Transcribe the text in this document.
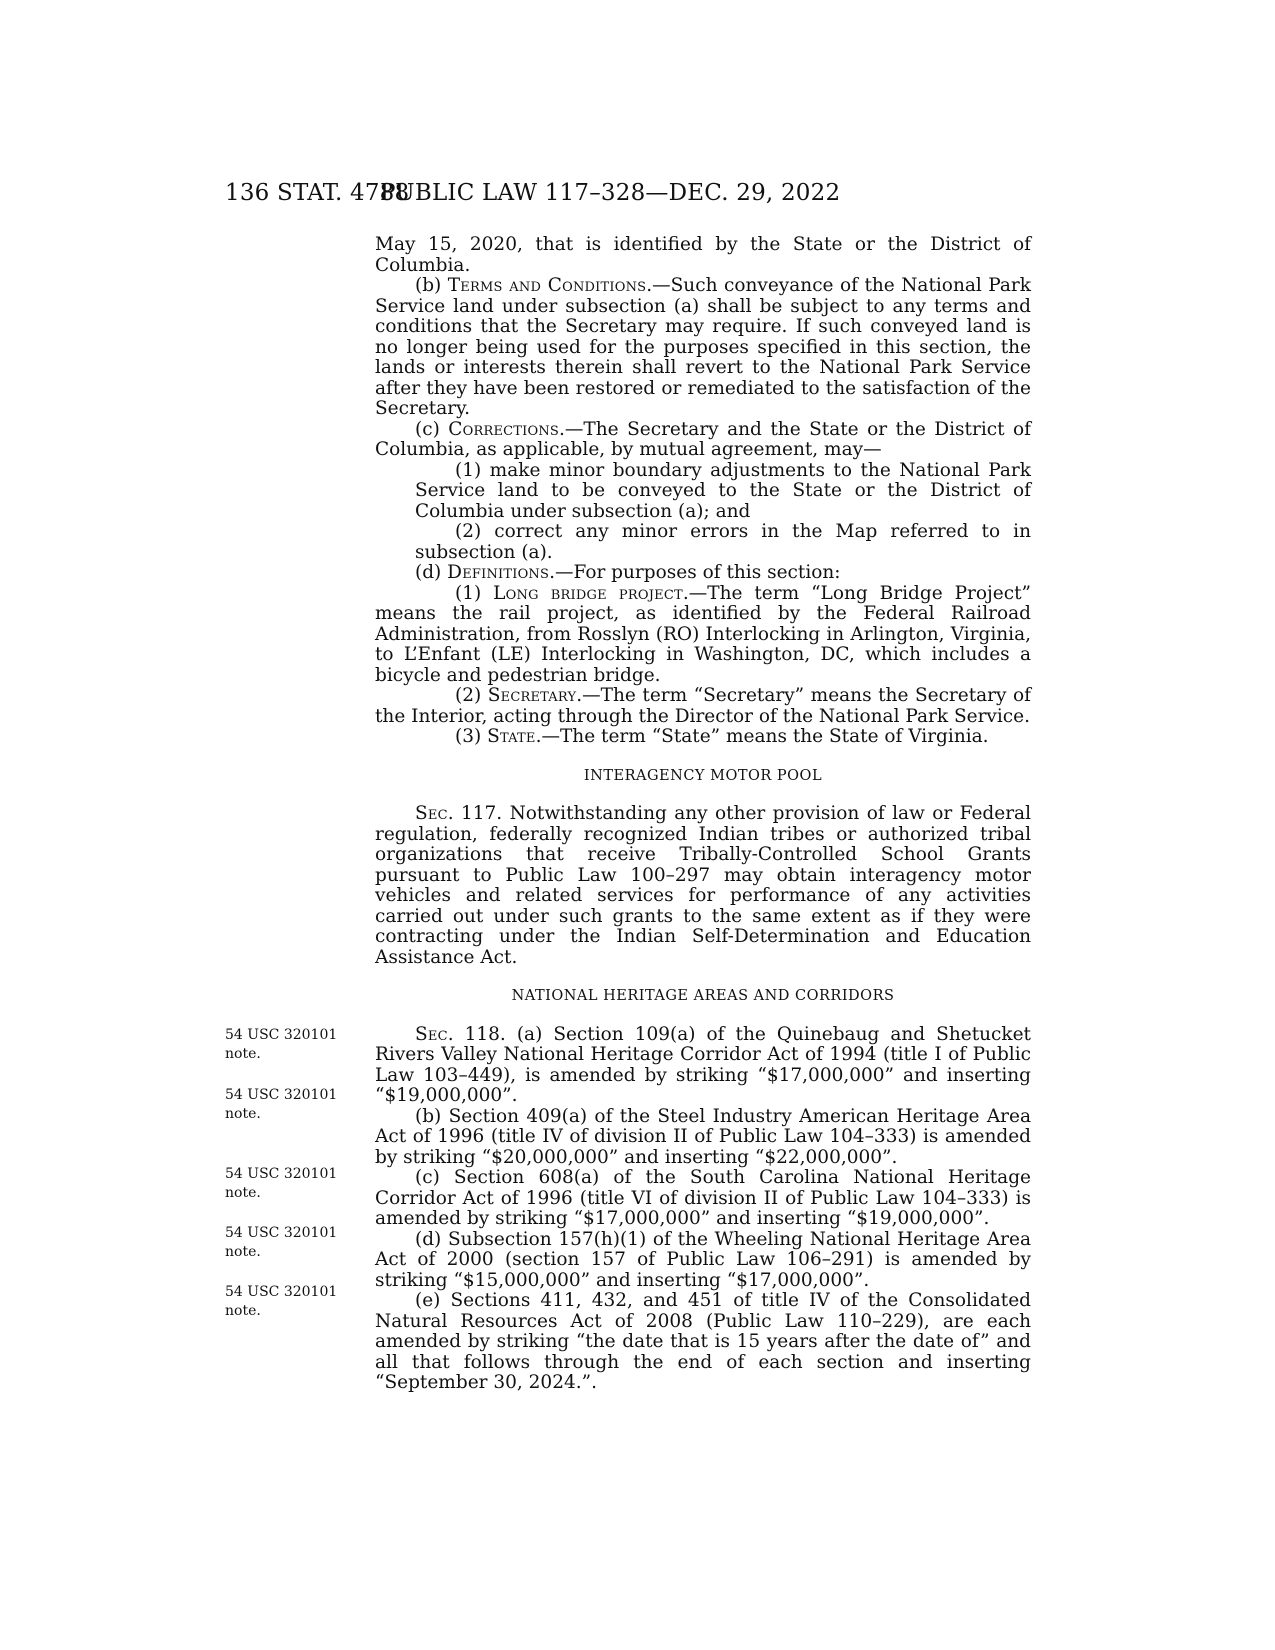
136 STAT. 4788
PUBLIC LAW 117–328—DEC. 29, 2022

May 15, 2020, that is identified by the State or the District of Columbia.

(b) Terms and Conditions.—Such conveyance of the National Park Service land under subsection (a) shall be subject to any terms and conditions that the Secretary may require. If such conveyed land is no longer being used for the purposes specified in this section, the lands or interests therein shall revert to the National Park Service after they have been restored or remediated to the satisfaction of the Secretary.

(c) Corrections.—The Secretary and the State or the District of Columbia, as applicable, by mutual agreement, may—

(1) make minor boundary adjustments to the National Park Service land to be conveyed to the State or the District of Columbia under subsection (a); and

(2) correct any minor errors in the Map referred to in subsection (a).

(d) Definitions.—For purposes of this section:

(1) Long bridge project.—The term “Long Bridge Project” means the rail project, as identified by the Federal Railroad Administration, from Rosslyn (RO) Interlocking in Arlington, Virginia, to L’Enfant (LE) Interlocking in Washington, DC, which includes a bicycle and pedestrian bridge.

(2) Secretary.—The term “Secretary” means the Secretary of the Interior, acting through the Director of the National Park Service.

(3) State.—The term “State” means the State of Virginia.

INTERAGENCY MOTOR POOL

Sec. 117. Notwithstanding any other provision of law or Federal regulation, federally recognized Indian tribes or authorized tribal organizations that receive Tribally-Controlled School Grants pursuant to Public Law 100–297 may obtain interagency motor vehicles and related services for performance of any activities carried out under such grants to the same extent as if they were contracting under the Indian Self-Determination and Education Assistance Act.

NATIONAL HERITAGE AREAS AND CORRIDORS

Sec. 118. (a) Section 109(a) of the Quinebaug and Shetucket Rivers Valley National Heritage Corridor Act of 1994 (title I of Public Law 103–449), is amended by striking “$17,000,000” and inserting “$19,000,000”.

(b) Section 409(a) of the Steel Industry American Heritage Area Act of 1996 (title IV of division II of Public Law 104–333) is amended by striking “$20,000,000” and inserting “$22,000,000”.

(c) Section 608(a) of the South Carolina National Heritage Corridor Act of 1996 (title VI of division II of Public Law 104–333) is amended by striking “$17,000,000” and inserting “$19,000,000”.

(d) Subsection 157(h)(1) of the Wheeling National Heritage Area Act of 2000 (section 157 of Public Law 106–291) is amended by striking “$15,000,000” and inserting “$17,000,000”.

(e) Sections 411, 432, and 451 of title IV of the Consolidated Natural Resources Act of 2008 (Public Law 110–229), are each amended by striking “the date that is 15 years after the date of” and all that follows through the end of each section and inserting “September 30, 2024.”.

54 USC 320101
note.
54 USC 320101
note.
54 USC 320101
note.
54 USC 320101
note.
54 USC 320101
note.
